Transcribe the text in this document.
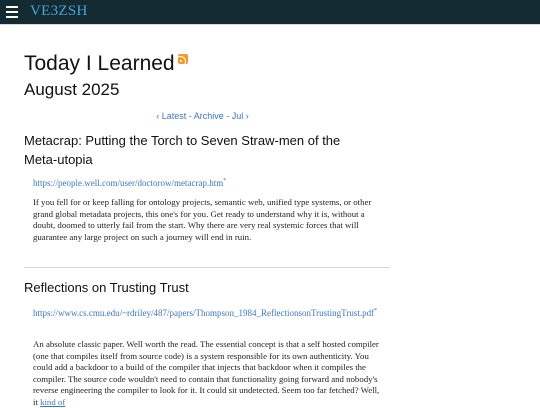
VE3ZSH
Today I Learned
August 2025
‹ Latest - Archive - Jul ›
Metacrap: Putting the Torch to Seven Straw-men of the Meta-utopia
https://people.well.com/user/doctorow/metacrap.htm*

If you fell for or keep falling for ontology projects, semantic web, unified type systems, or other grand global metadata projects, this one's for you. Get ready to understand why it is, without a doubt, doomed to utterly fail from the start. Why there are very real systemic forces that will guarantee any large project on such a journey will end in ruin.

Reflections on Trusting Trust
https://www.cs.cmu.edu/~rdriley/487/papers/Thompson_1984_ReflectionsonTrustingTrust.pdf*

An absolute classic paper. Well worth the read. The essential concept is that a self hosted compiler (one that compiles itself from source code) is a system responsible for its own authenticity. You could add a backdoor to a build of the compiler that injects that backdoor when it compiles the compiler. The source code wouldn't need to contain that functionality going forward and nobody's reverse engineering the compiler to look for it. It could sit undetected. Seem too far fetched? Well, it kind of
